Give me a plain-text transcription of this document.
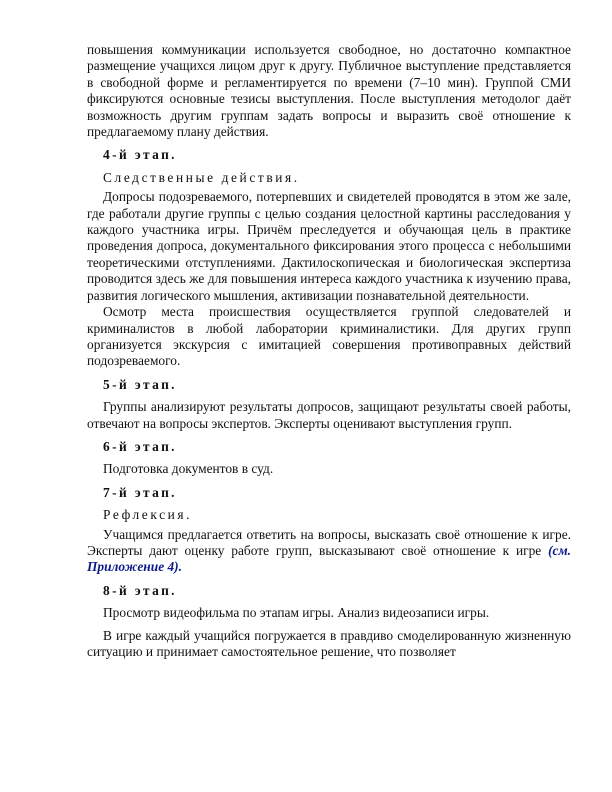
повышения коммуникации используется свободное, но достаточно компактное размещение учащихся лицом друг к другу. Публичное выступление представляется в свободной форме и регламентируется по времени (7–10 мин). Группой СМИ фиксируются основные тезисы выступления. После выступления методолог даёт возможность другим группам задать вопросы и выразить своё отношение к предлагаемому плану действия.

4-й этап.

Следственные действия.

Допросы подозреваемого, потерпевших и свидетелей проводятся в этом же зале, где работали другие группы с целью создания целостной картины расследования у каждого участника игры. Причём преследуется и обучающая цель в практике проведения допроса, документального фиксирования этого процесса с небольшими теоретическими отступлениями. Дактилоскопическая и биологическая экспертиза проводится здесь же для повышения интереса каждого участника к изучению права, развития логического мышления, активизации познавательной деятельности.

Осмотр места происшествия осуществляется группой следователей и криминалистов в любой лаборатории криминалистики. Для других групп организуется экскурсия с имитацией совершения противоправных действий подозреваемого.

5-й этап.

Группы анализируют результаты допросов, защищают результаты своей работы, отвечают на вопросы экспертов. Эксперты оценивают выступления групп.

6-й этап.

Подготовка документов в суд.

7-й этап.

Рефлексия.

Учащимся предлагается ответить на вопросы, высказать своё отношение к игре. Эксперты дают оценку работе групп, высказывают своё отношение к игре (см. Приложение 4).

8-й этап.

Просмотр видеофильма по этапам игры. Анализ видеозаписи игры.

В игре каждый учащийся погружается в правдиво смоделированную жизненную ситуацию и принимает самостоятельное решение, что позволяет
